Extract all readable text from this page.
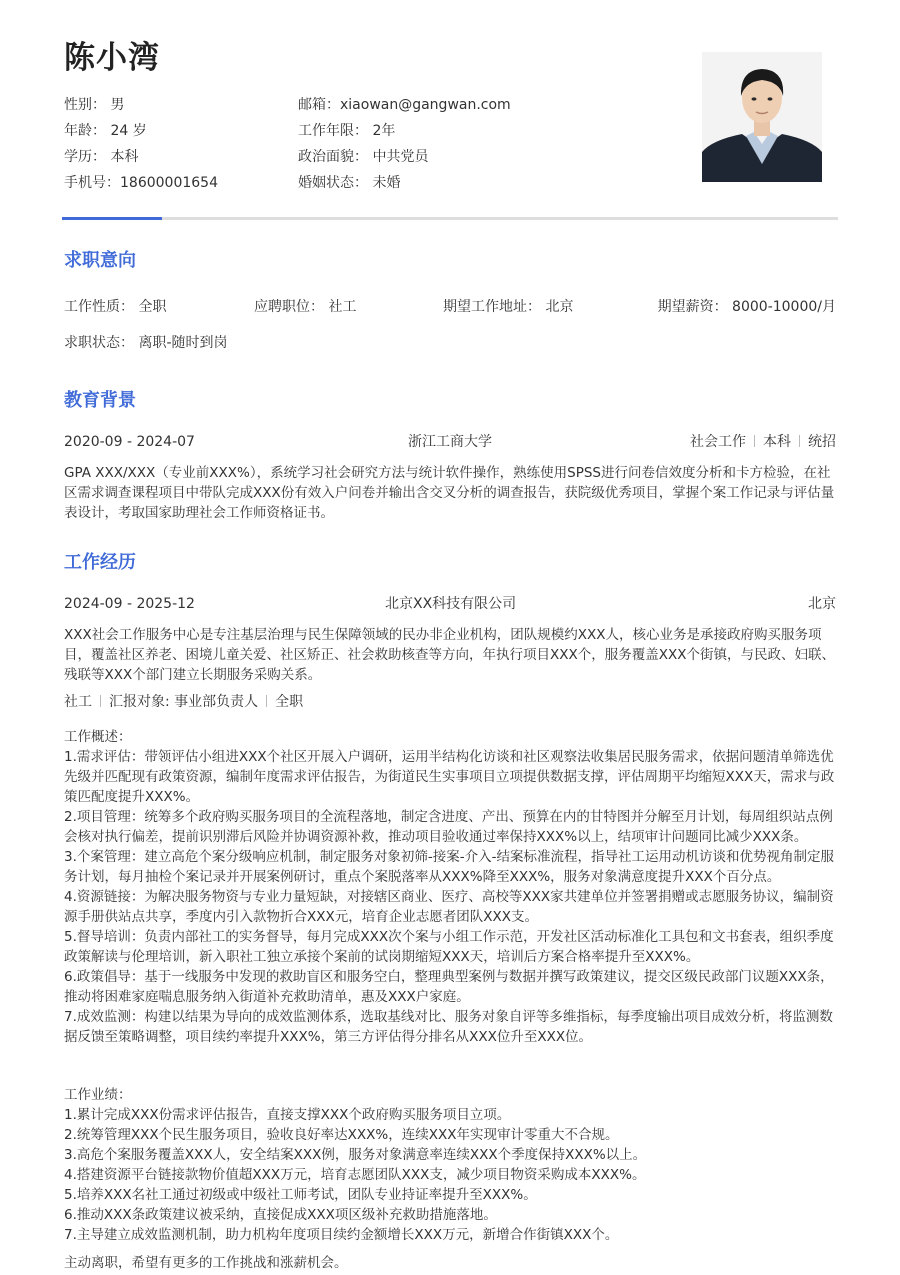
陈小湾
性别： 男
年龄： 24 岁
学历： 本科
手机号：18600001654
邮箱：xiaowan@gangwan.com
工作年限： 2年
政治面貌： 中共党员
婚姻状态： 未婚
求职意向
工作性质： 全职	应聘职位： 社工	期望工作地址： 北京	期望薪资： 8000-10000/月
求职状态： 离职-随时到岗
教育背景
2020-09 - 2024-07	浙江工商大学	社会工作 本科 统招
GPA XXX/XXX（专业前XXX%），系统学习社会研究方法与统计软件操作，熟练使用SPSS进行问卷信效度分析和卡方检验，在社区需求调查课程项目中带队完成XXX份有效入户问卷并输出含交叉分析的调查报告，获院级优秀项目，掌握个案工作记录与评估量表设计，考取国家助理社会工作师资格证书。
工作经历
2024-09 - 2025-12	北京XX科技有限公司	北京
XXX社会工作服务中心是专注基层治理与民生保障领域的民办非企业机构，团队规模约XXX人，核心业务是承接政府购买服务项目，覆盖社区养老、困境儿童关爱、社区矫正、社会救助核查等方向，年执行项目XXX个，服务覆盖XXX个街镇，与民政、妇联、残联等XXX个部门建立长期服务采购关系。
社工 汇报对象: 事业部负责人 全职

工作概述：

1.需求评估：带领评估小组进XXX个社区开展入户调研，运用半结构化访谈和社区观察法收集居民服务需求，依据问题清单筛选优先级并匹配现有政策资源，编制年度需求评估报告，为街道民生实事项目立项提供数据支撑，评估周期平均缩短XXX天，需求与政策匹配度提升XXX%。

2.项目管理：统筹多个政府购买服务项目的全流程落地，制定含进度、产出、预算在内的甘特图并分解至月计划，每周组织站点例会核对执行偏差，提前识别滞后风险并协调资源补救，推动项目验收通过率保持XXX%以上，结项审计问题同比减少XXX条。

3.个案管理：建立高危个案分级响应机制，制定服务对象初筛-接案-介入-结案标准流程，指导社工运用动机访谈和优势视角制定服务计划，每月抽检个案记录并开展案例研讨，重点个案脱落率从XXX%降至XXX%，服务对象满意度提升XXX个百分点。

4.资源链接：为解决服务物资与专业力量短缺，对接辖区商业、医疗、高校等XXX家共建单位并签署捐赠或志愿服务协议，编制资源手册供站点共享，季度内引入款物折合XXX元，培育企业志愿者团队XXX支。

5.督导培训：负责内部社工的实务督导，每月完成XXX次个案与小组工作示范，开发社区活动标准化工具包和文书套表，组织季度政策解读与伦理培训，新入职社工独立承接个案前的试岗期缩短XXX天，培训后方案合格率提升至XXX%。

6.政策倡导：基于一线服务中发现的救助盲区和服务空白，整理典型案例与数据并撰写政策建议，提交区级民政部门议题XXX条，推动将困难家庭喘息服务纳入街道补充救助清单，惠及XXX户家庭。

7.成效监测：构建以结果为导向的成效监测体系，选取基线对比、服务对象自评等多维指标，每季度输出项目成效分析，将监测数据反馈至策略调整，项目续约率提升XXX%，第三方评估得分排名从XXX位升至XXX位。

工作业绩：

1.累计完成XXX份需求评估报告，直接支撑XXX个政府购买服务项目立项。

2.统筹管理XXX个民生服务项目，验收良好率达XXX%，连续XXX年实现审计零重大不合规。

3.高危个案服务覆盖XXX人，安全结案XXX例，服务对象满意率连续XXX个季度保持XXX%以上。

4.搭建资源平台链接款物价值超XXX万元，培育志愿团队XXX支，减少项目物资采购成本XXX%。

5.培养XXX名社工通过初级或中级社工师考试，团队专业持证率提升至XXX%。

6.推动XXX条政策建议被采纳，直接促成XXX项区级补充救助措施落地。

7.主导建立成效监测机制，助力机构年度项目续约金额增长XXX万元，新增合作街镇XXX个。

主动离职，希望有更多的工作挑战和涨薪机会。
